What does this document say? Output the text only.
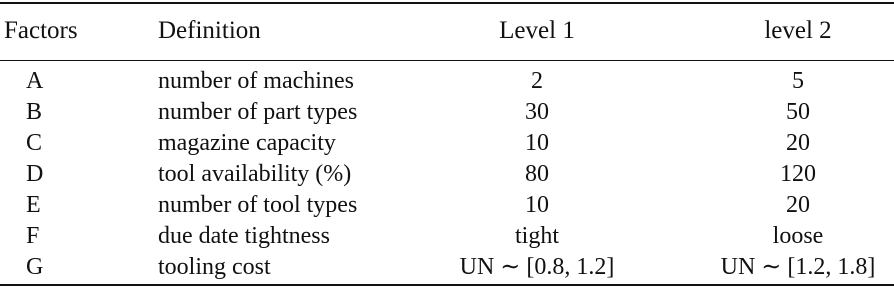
Factors	Definition	Level 1	level 2
A	number of machines	2	5
B	number of part types	30	50
C	magazine capacity	10	20
D	tool availability (%)	80	120
E	number of tool types	10	20
F	due date tightness	tight	loose
G	tooling cost	UN ∼ [0.8, 1.2]	UN ∼ [1.2, 1.8]
